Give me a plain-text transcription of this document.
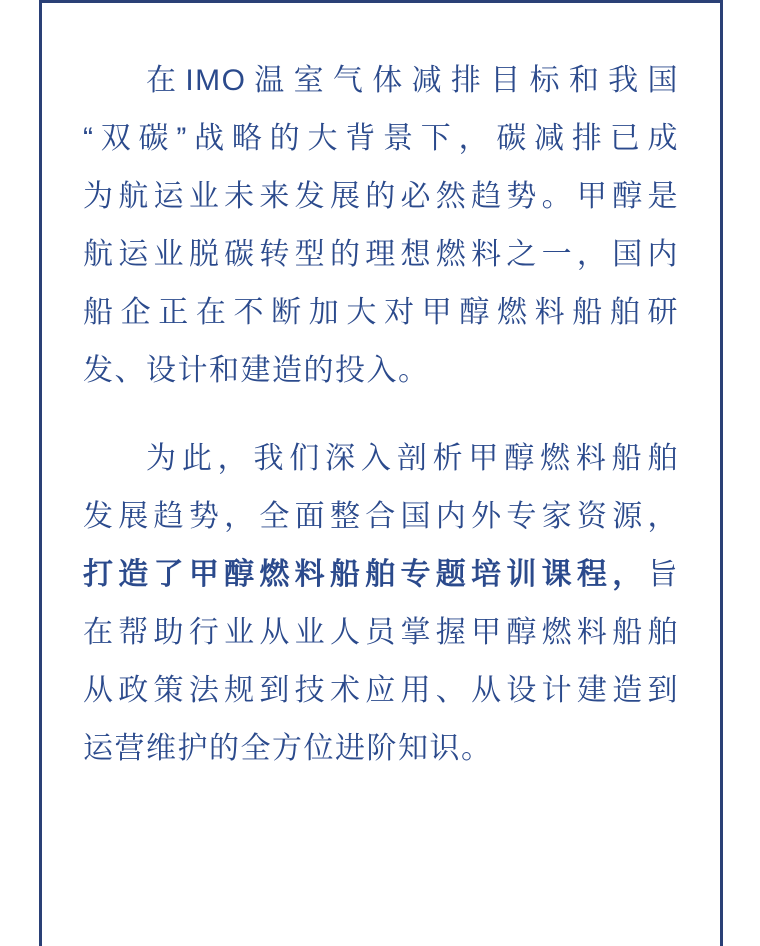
在IMO温室气体减排目标和我国
“双碳”战略的大背景下，碳减排已成
为航运业未来发展的必然趋势。甲醇是
航运业脱碳转型的理想燃料之一，国内
船企正在不断加大对甲醇燃料船舶研
发、设计和建造的投入。
为此，我们深入剖析甲醇燃料船舶
发展趋势，全面整合国内外专家资源，
打造了甲醇燃料船舶专题培训课程，旨
在帮助行业从业人员掌握甲醇燃料船舶
从政策法规到技术应用、从设计建造到
运营维护的全方位进阶知识。
